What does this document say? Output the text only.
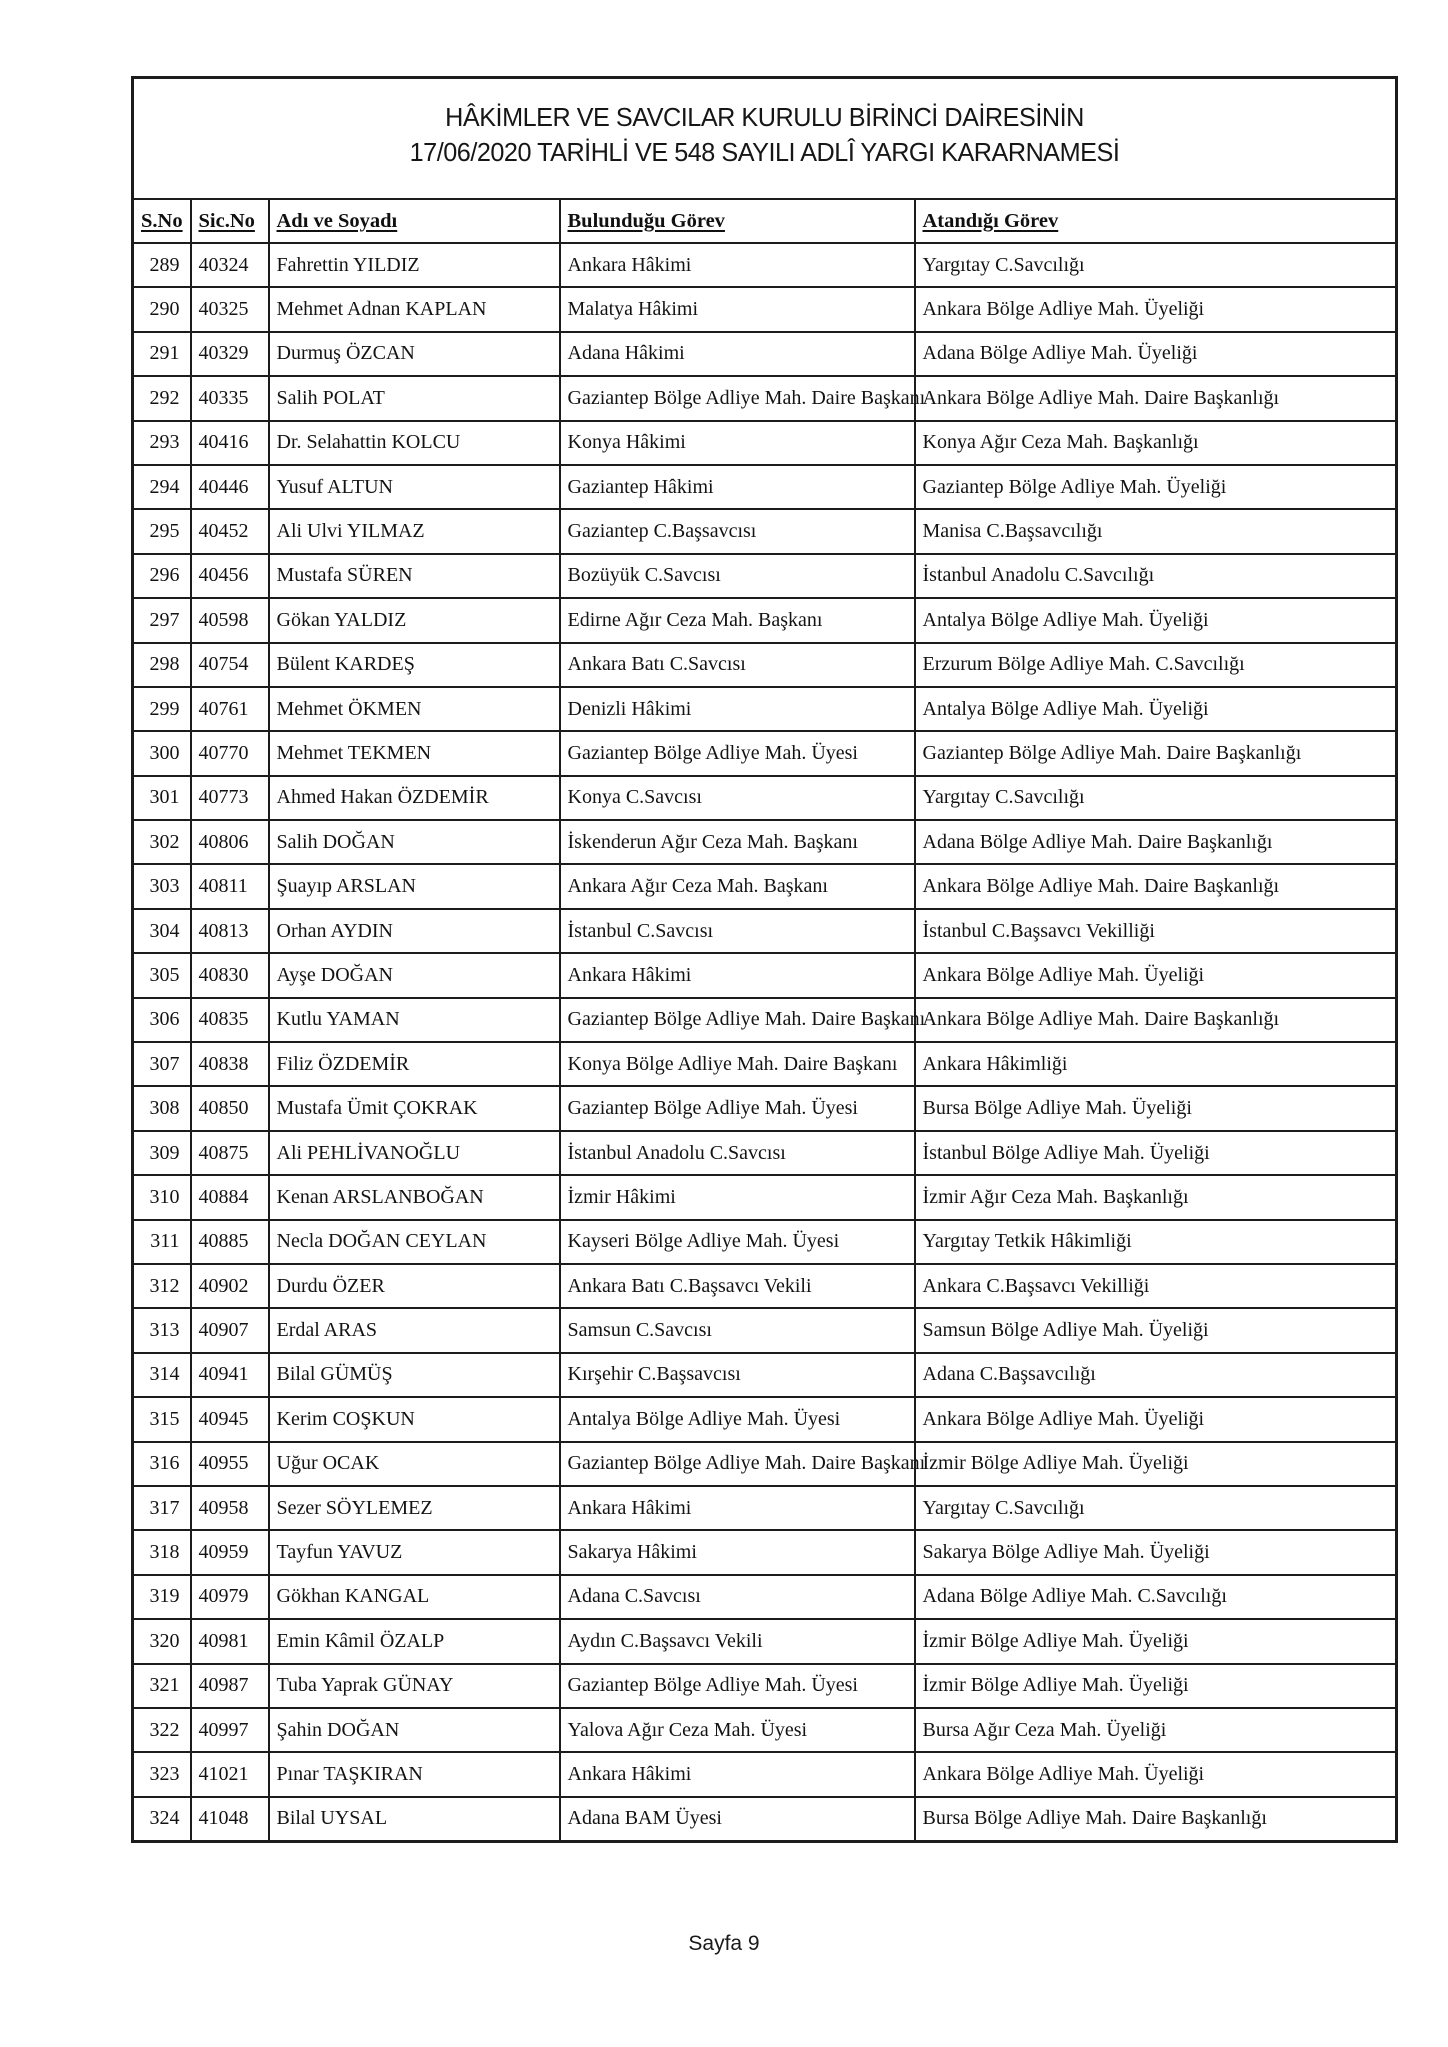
HÂKİMLER VE SAVCILAR KURULU BİRİNCİ DAİRESİNİN
17/06/2020 TARİHLİ VE 548 SAYILI ADLÎ YARGI KARARNAMESİ				

S.No	Sic.No	Adı ve Soyadı	Bulunduğu Görev	Atandığı Görev
289	40324	Fahrettin YILDIZ	Ankara Hâkimi	Yargıtay C.Savcılığı
290	40325	Mehmet Adnan KAPLAN	Malatya Hâkimi	Ankara Bölge Adliye Mah. Üyeliği
291	40329	Durmuş ÖZCAN	Adana Hâkimi	Adana Bölge Adliye Mah. Üyeliği
292	40335	Salih POLAT	Gaziantep Bölge Adliye Mah. Daire Başkanı	Ankara Bölge Adliye Mah. Daire Başkanlığı
293	40416	Dr. Selahattin KOLCU	Konya Hâkimi	Konya Ağır Ceza Mah. Başkanlığı
294	40446	Yusuf ALTUN	Gaziantep Hâkimi	Gaziantep Bölge Adliye Mah. Üyeliği
295	40452	Ali Ulvi YILMAZ	Gaziantep C.Başsavcısı	Manisa C.Başsavcılığı
296	40456	Mustafa SÜREN	Bozüyük C.Savcısı	İstanbul Anadolu C.Savcılığı
297	40598	Gökan YALDIZ	Edirne Ağır Ceza Mah. Başkanı	Antalya Bölge Adliye Mah. Üyeliği
298	40754	Bülent KARDEŞ	Ankara Batı C.Savcısı	Erzurum Bölge Adliye Mah. C.Savcılığı
299	40761	Mehmet ÖKMEN	Denizli Hâkimi	Antalya Bölge Adliye Mah. Üyeliği
300	40770	Mehmet TEKMEN	Gaziantep Bölge Adliye Mah. Üyesi	Gaziantep Bölge Adliye Mah. Daire Başkanlığı
301	40773	Ahmed Hakan ÖZDEMİR	Konya C.Savcısı	Yargıtay C.Savcılığı
302	40806	Salih DOĞAN	İskenderun Ağır Ceza Mah. Başkanı	Adana Bölge Adliye Mah. Daire Başkanlığı
303	40811	Şuayıp ARSLAN	Ankara Ağır Ceza Mah. Başkanı	Ankara Bölge Adliye Mah. Daire Başkanlığı
304	40813	Orhan AYDIN	İstanbul C.Savcısı	İstanbul C.Başsavcı Vekilliği
305	40830	Ayşe DOĞAN	Ankara Hâkimi	Ankara Bölge Adliye Mah. Üyeliği
306	40835	Kutlu YAMAN	Gaziantep Bölge Adliye Mah. Daire Başkanı	Ankara Bölge Adliye Mah. Daire Başkanlığı
307	40838	Filiz ÖZDEMİR	Konya Bölge Adliye Mah. Daire Başkanı	Ankara Hâkimliği
308	40850	Mustafa Ümit ÇOKRAK	Gaziantep Bölge Adliye Mah. Üyesi	Bursa Bölge Adliye Mah. Üyeliği
309	40875	Ali PEHLİVANOĞLU	İstanbul Anadolu C.Savcısı	İstanbul Bölge Adliye Mah. Üyeliği
310	40884	Kenan ARSLANBOĞAN	İzmir Hâkimi	İzmir Ağır Ceza Mah. Başkanlığı
311	40885	Necla DOĞAN CEYLAN	Kayseri Bölge Adliye Mah. Üyesi	Yargıtay Tetkik Hâkimliği
312	40902	Durdu ÖZER	Ankara Batı C.Başsavcı Vekili	Ankara C.Başsavcı Vekilliği
313	40907	Erdal ARAS	Samsun C.Savcısı	Samsun Bölge Adliye Mah. Üyeliği
314	40941	Bilal GÜMÜŞ	Kırşehir C.Başsavcısı	Adana C.Başsavcılığı
315	40945	Kerim COŞKUN	Antalya Bölge Adliye Mah. Üyesi	Ankara Bölge Adliye Mah. Üyeliği
316	40955	Uğur OCAK	Gaziantep Bölge Adliye Mah. Daire Başkanı	İzmir Bölge Adliye Mah. Üyeliği
317	40958	Sezer SÖYLEMEZ	Ankara Hâkimi	Yargıtay C.Savcılığı
318	40959	Tayfun YAVUZ	Sakarya Hâkimi	Sakarya Bölge Adliye Mah. Üyeliği
319	40979	Gökhan KANGAL	Adana C.Savcısı	Adana Bölge Adliye Mah. C.Savcılığı
320	40981	Emin Kâmil ÖZALP	Aydın C.Başsavcı Vekili	İzmir Bölge Adliye Mah. Üyeliği
321	40987	Tuba Yaprak GÜNAY	Gaziantep Bölge Adliye Mah. Üyesi	İzmir Bölge Adliye Mah. Üyeliği
322	40997	Şahin DOĞAN	Yalova Ağır Ceza Mah. Üyesi	Bursa Ağır Ceza Mah. Üyeliği
323	41021	Pınar TAŞKIRAN	Ankara Hâkimi	Ankara Bölge Adliye Mah. Üyeliği
324	41048	Bilal UYSAL	Adana BAM Üyesi	Bursa Bölge Adliye Mah. Daire Başkanlığı
Sayfa 9
